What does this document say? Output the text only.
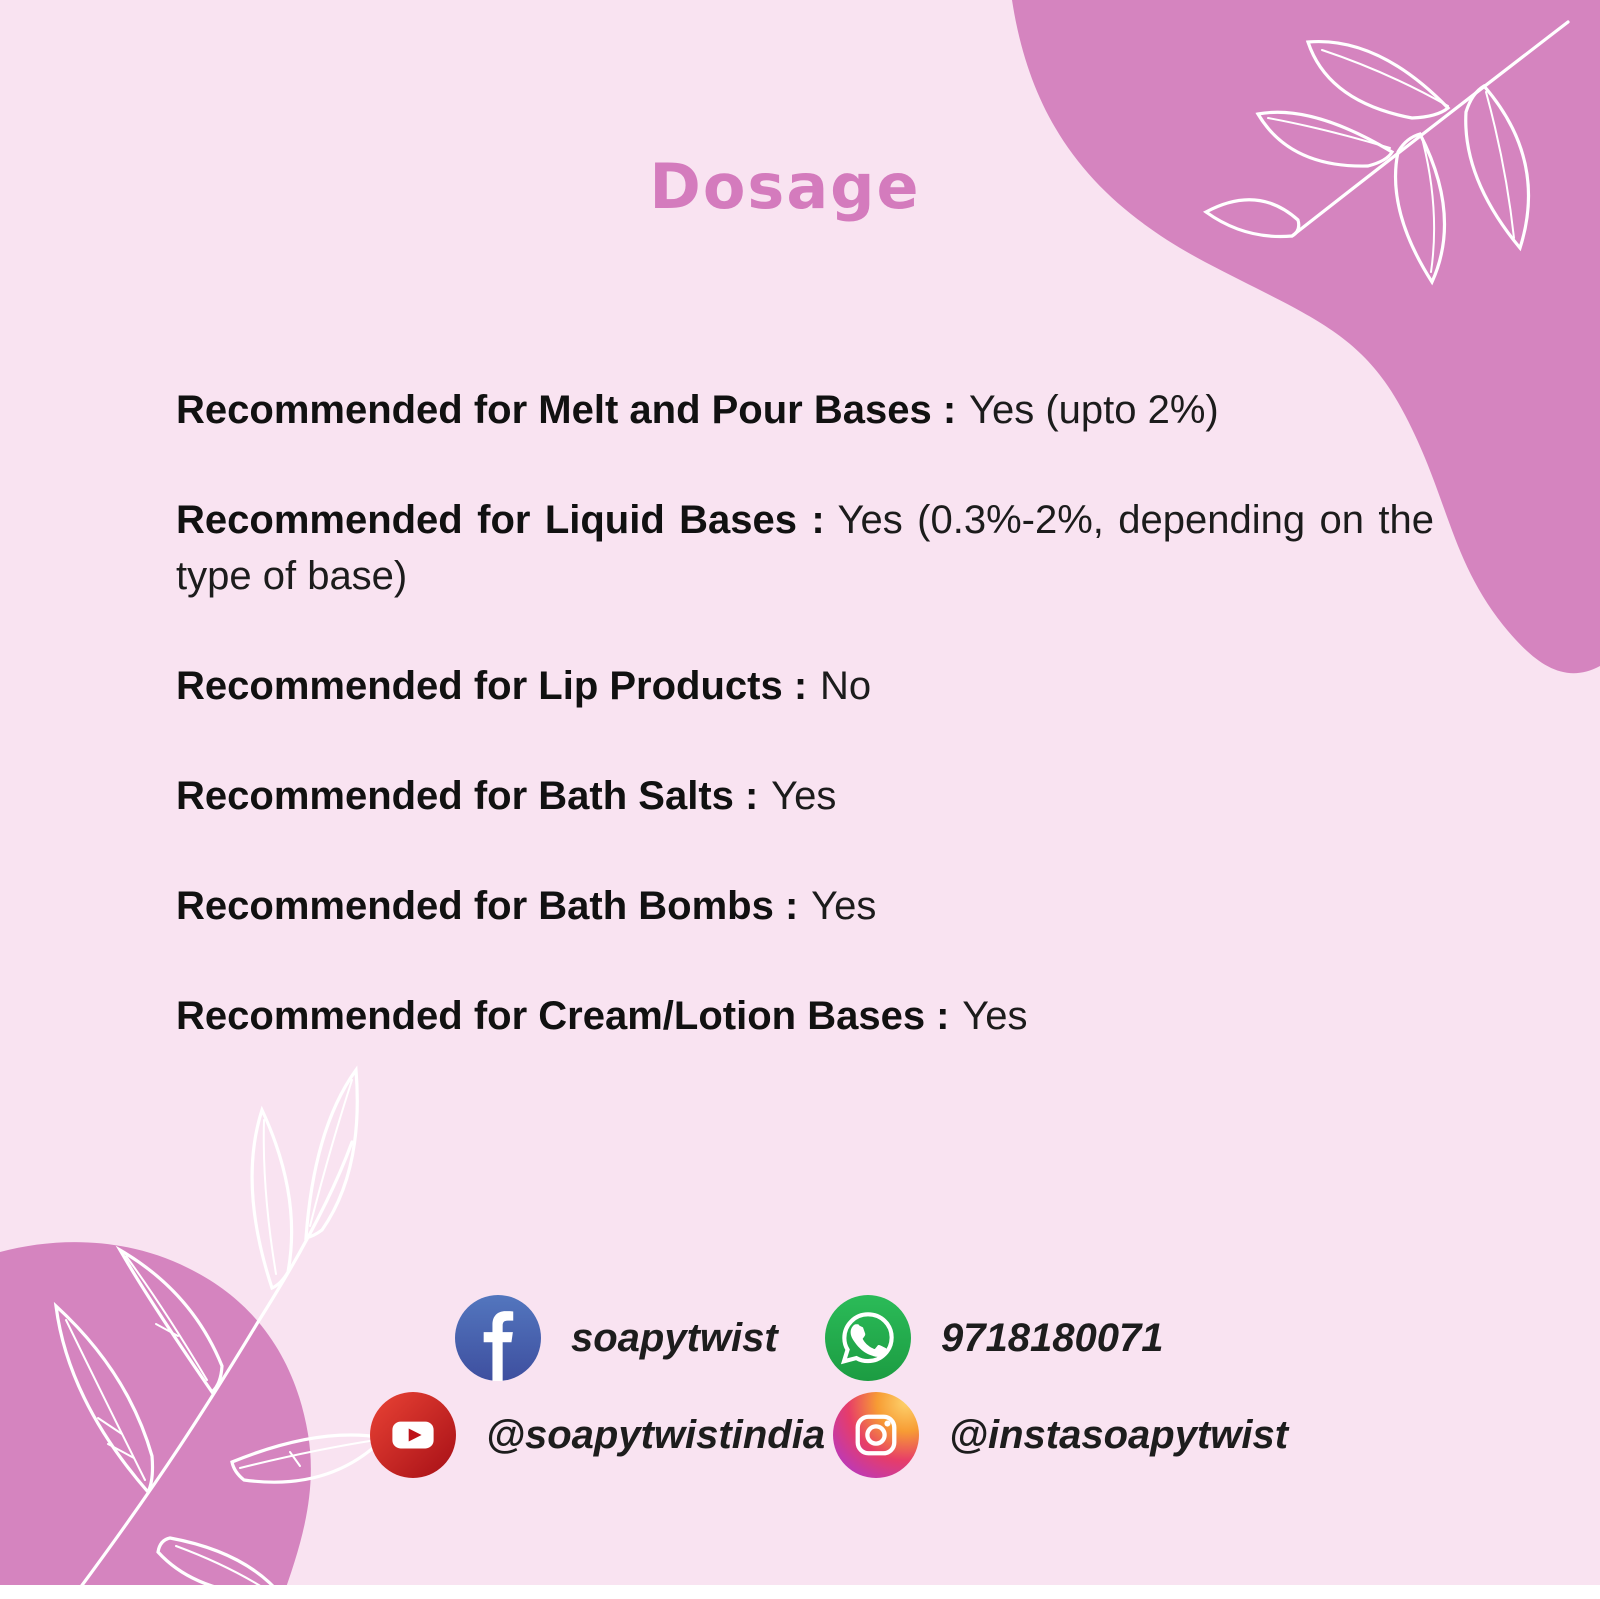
Dosage

Recommended for Melt and Pour Bases : Yes (upto 2%)

Recommended for Liquid Bases : Yes (0.3%-2%, depending on the type of base)

Recommended for Lip Products : No

Recommended for Bath Salts : Yes

Recommended for Bath Bombs : Yes

Recommended for Cream/Lotion Bases : Yes

soapytwist	9718180071
@soapytwistindia	@instasoapytwist
